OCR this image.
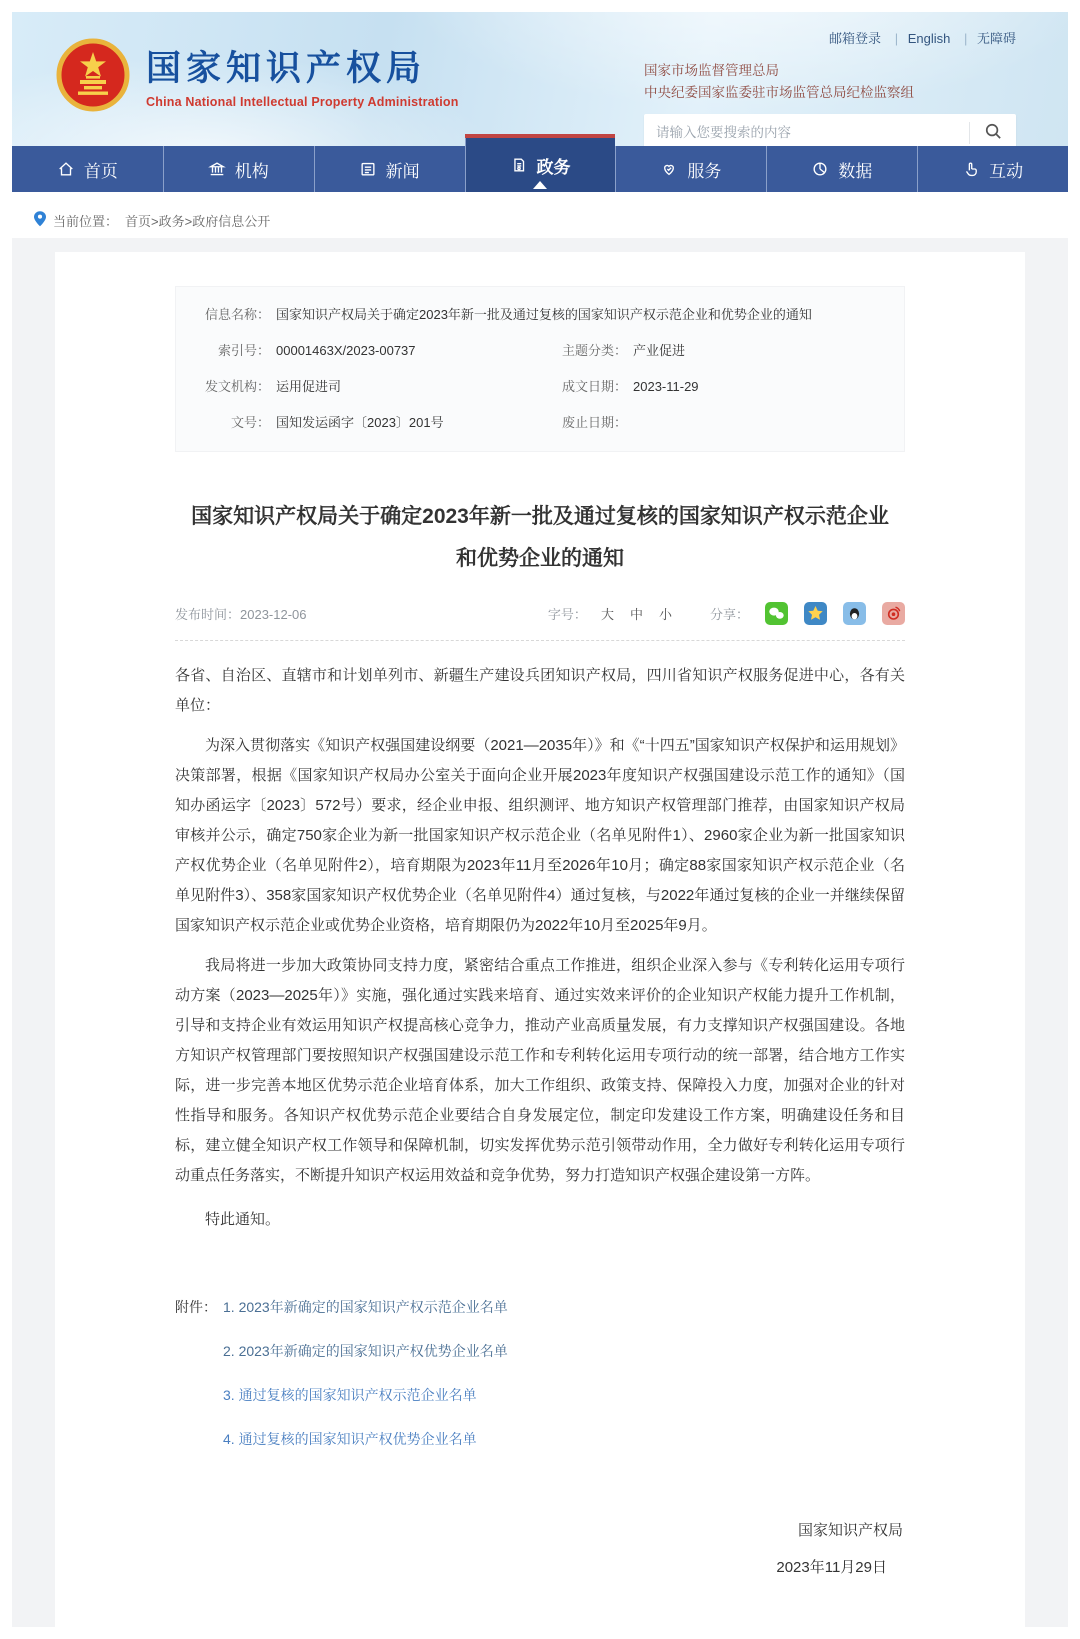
国家知识产权局
China National Intellectual Property Administration
邮箱登录 | English | 无障碍
国家市场监督管理总局
中央纪委国家监委驻市场监管总局纪检监察组
请输入您要搜索的内容
首页	机构	新闻	政务	服务	数据	互动
当前位置： 首页>政务>政府信息公开
信息名称： 国家知识产权局关于确定2023年新一批及通过复核的国家知识产权示范企业和优势企业的通知
索引号： 00001463X/2023-00737	主题分类： 产业促进
发文机构： 运用促进司	成文日期： 2023-11-29
文号： 国知发运函字〔2023〕201号	废止日期：
国家知识产权局关于确定2023年新一批及通过复核的国家知识产权示范企业和优势企业的通知
发布时间：2023-12-06	字号： 大 中 小	分享：

各省、自治区、直辖市和计划单列市、新疆生产建设兵团知识产权局，四川省知识产权服务促进中心，各有关单位：

为深入贯彻落实《知识产权强国建设纲要（2021—2035年）》和《“十四五”国家知识产权保护和运用规划》决策部署，根据《国家知识产权局办公室关于面向企业开展2023年度知识产权强国建设示范工作的通知》（国知办函运字〔2023〕572号）要求，经企业申报、组织测评、地方知识产权管理部门推荐，由国家知识产权局审核并公示，确定750家企业为新一批国家知识产权示范企业（名单见附件1）、2960家企业为新一批国家知识产权优势企业（名单见附件2），培育期限为2023年11月至2026年10月；确定88家国家知识产权示范企业（名单见附件3）、358家国家知识产权优势企业（名单见附件4）通过复核，与2022年通过复核的企业一并继续保留国家知识产权示范企业或优势企业资格，培育期限仍为2022年10月至2025年9月。

我局将进一步加大政策协同支持力度，紧密结合重点工作推进，组织企业深入参与《专利转化运用专项行动方案（2023—2025年）》实施，强化通过实践来培育、通过实效来评价的企业知识产权能力提升工作机制，引导和支持企业有效运用知识产权提高核心竞争力，推动产业高质量发展，有力支撑知识产权强国建设。各地方知识产权管理部门要按照知识产权强国建设示范工作和专利转化运用专项行动的统一部署，结合地方工作实际，进一步完善本地区优势示范企业培育体系，加大工作组织、政策支持、保障投入力度，加强对企业的针对性指导和服务。各知识产权优势示范企业要结合自身发展定位，制定印发建设工作方案，明确建设任务和目标，建立健全知识产权工作领导和保障机制，切实发挥优势示范引领带动作用，全力做好专利转化运用专项行动重点任务落实，不断提升知识产权运用效益和竞争优势，努力打造知识产权强企建设第一方阵。

特此通知。

附件： 1. 2023年新确定的国家知识产权示范企业名单
2. 2023年新确定的国家知识产权优势企业名单
3. 通过复核的国家知识产权示范企业名单
4. 通过复核的国家知识产权优势企业名单
国家知识产权局
2023年11月29日
